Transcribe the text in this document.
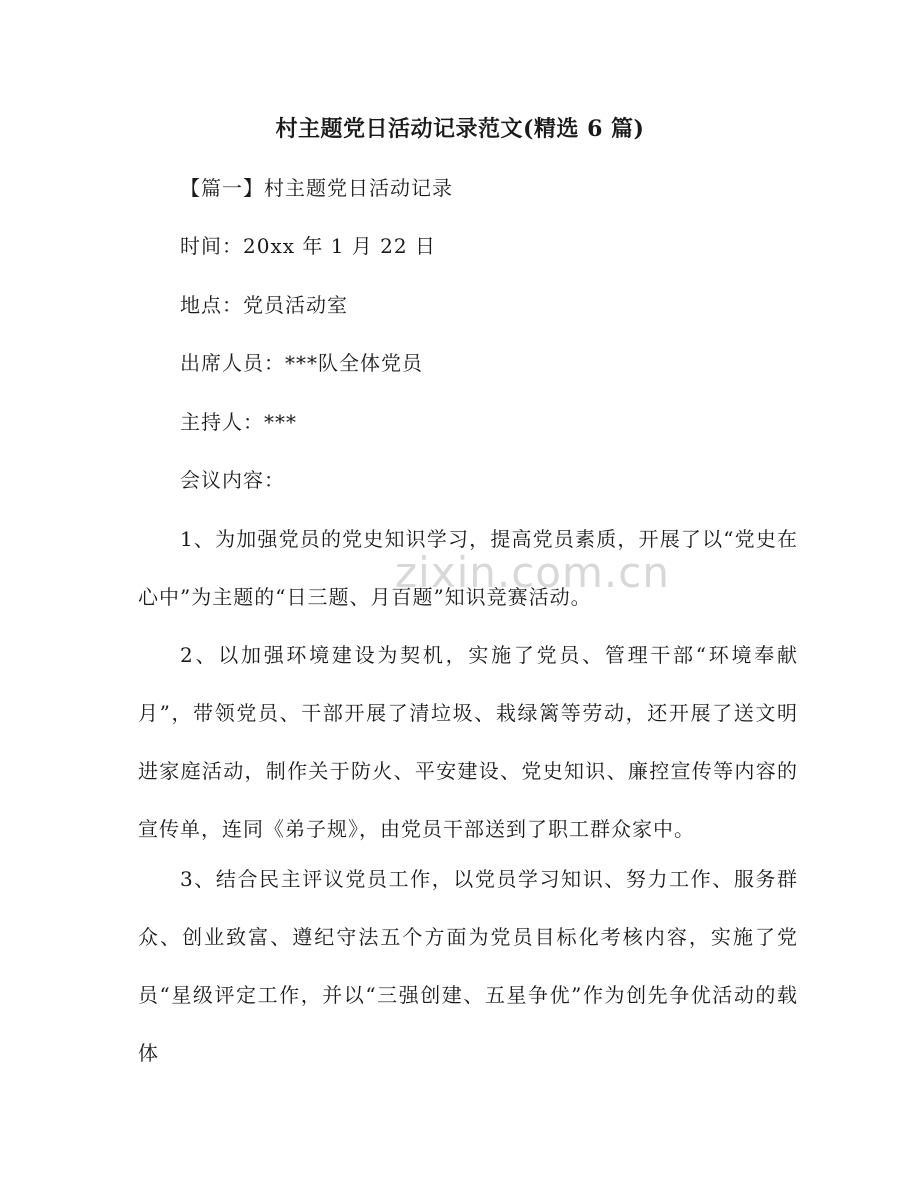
村主题党日活动记录范文(精选 6 篇)

【篇一】村主题党日活动记录

时间：20xx 年 1 月 22 日

地点：党员活动室

出席人员：***队全体党员

主持人：***

会议内容：

1、为加强党员的党史知识学习，提高党员素质，开展了以“党史在心中”为主题的“日三题、月百题”知识竞赛活动。

2、以加强环境建设为契机，实施了党员、管理干部“环境奉献月”，带领党员、干部开展了清垃圾、栽绿篱等劳动，还开展了送文明进家庭活动，制作关于防火、平安建设、党史知识、廉控宣传等内容的宣传单，连同《弟子规》，由党员干部送到了职工群众家中。

3、结合民主评议党员工作，以党员学习知识、努力工作、服务群众、创业致富、遵纪守法五个方面为党员目标化考核内容，实施了党员“星级评定工作，并以“三强创建、五星争优”作为创先争优活动的载体

zixin.com.cn
